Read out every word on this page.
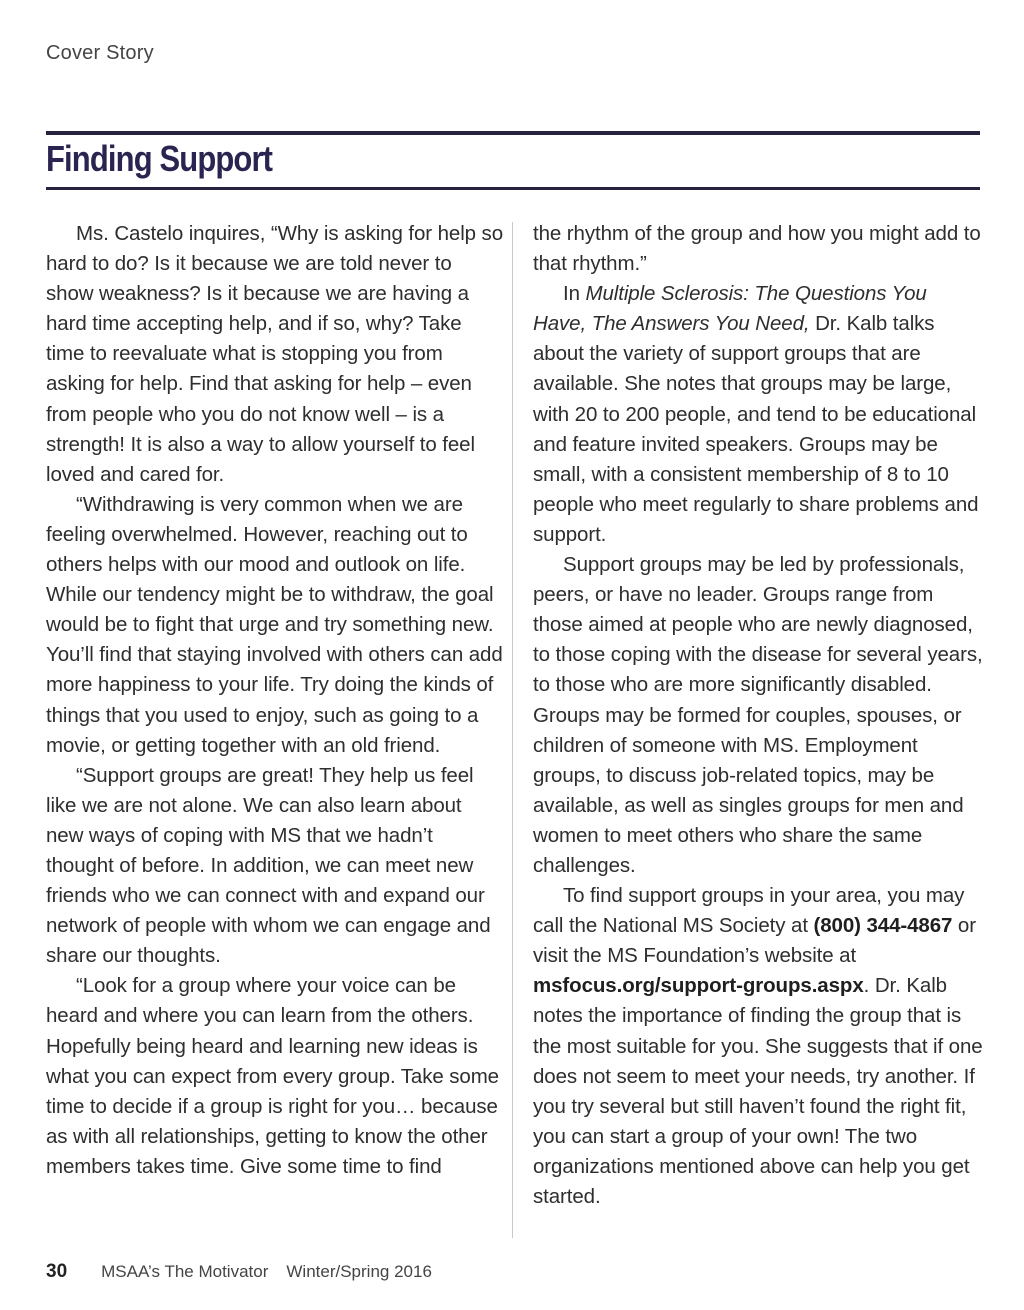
Cover Story
Finding Support

Ms. Castelo inquires, “Why is asking for help so hard to do? Is it because we are told never to show weakness? Is it because we are having a hard time accepting help, and if so, why? Take time to reevaluate what is stopping you from asking for help. Find that asking for help – even from people who you do not know well – is a strength! It is also a way to allow yourself to feel loved and cared for.

“Withdrawing is very common when we are feeling overwhelmed. However, reaching out to others helps with our mood and outlook on life. While our tendency might be to withdraw, the goal would be to fight that urge and try something new. You’ll find that staying involved with others can add more happiness to your life. Try doing the kinds of things that you used to enjoy, such as going to a movie, or getting together with an old friend.

“Support groups are great! They help us feel like we are not alone. We can also learn about new ways of coping with MS that we hadn’t thought of before. In addition, we can meet new friends who we can connect with and expand our network of people with whom we can engage and share our thoughts.

“Look for a group where your voice can be heard and where you can learn from the others. Hopefully being heard and learning new ideas is what you can expect from every group. Take some time to decide if a group is right for you… because as with all relationships, getting to know the other members takes time. Give some time to find

the rhythm of the group and how you might add to that rhythm.”

In Multiple Sclerosis: The Questions You Have, The Answers You Need, Dr. Kalb talks about the variety of support groups that are available. She notes that groups may be large, with 20 to 200 people, and tend to be educational and feature invited speakers. Groups may be small, with a consistent membership of 8 to 10 people who meet regularly to share problems and support.

Support groups may be led by professionals, peers, or have no leader. Groups range from those aimed at people who are newly diagnosed, to those coping with the disease for several years, to those who are more significantly disabled. Groups may be formed for couples, spouses, or children of someone with MS. Employment groups, to discuss job-related topics, may be available, as well as singles groups for men and women to meet others who share the same challenges.

To find support groups in your area, you may call the National MS Society at (800) 344-4867 or visit the MS Foundation’s website at msfocus.org/support-groups.aspx. Dr. Kalb notes the importance of finding the group that is the most suitable for you. She suggests that if one does not seem to meet your needs, try another. If you try several but still haven’t found the right fit, you can start a group of your own! The two organizations mentioned above can help you get started.

30 MSAA’s The Motivator Winter/Spring 2016
